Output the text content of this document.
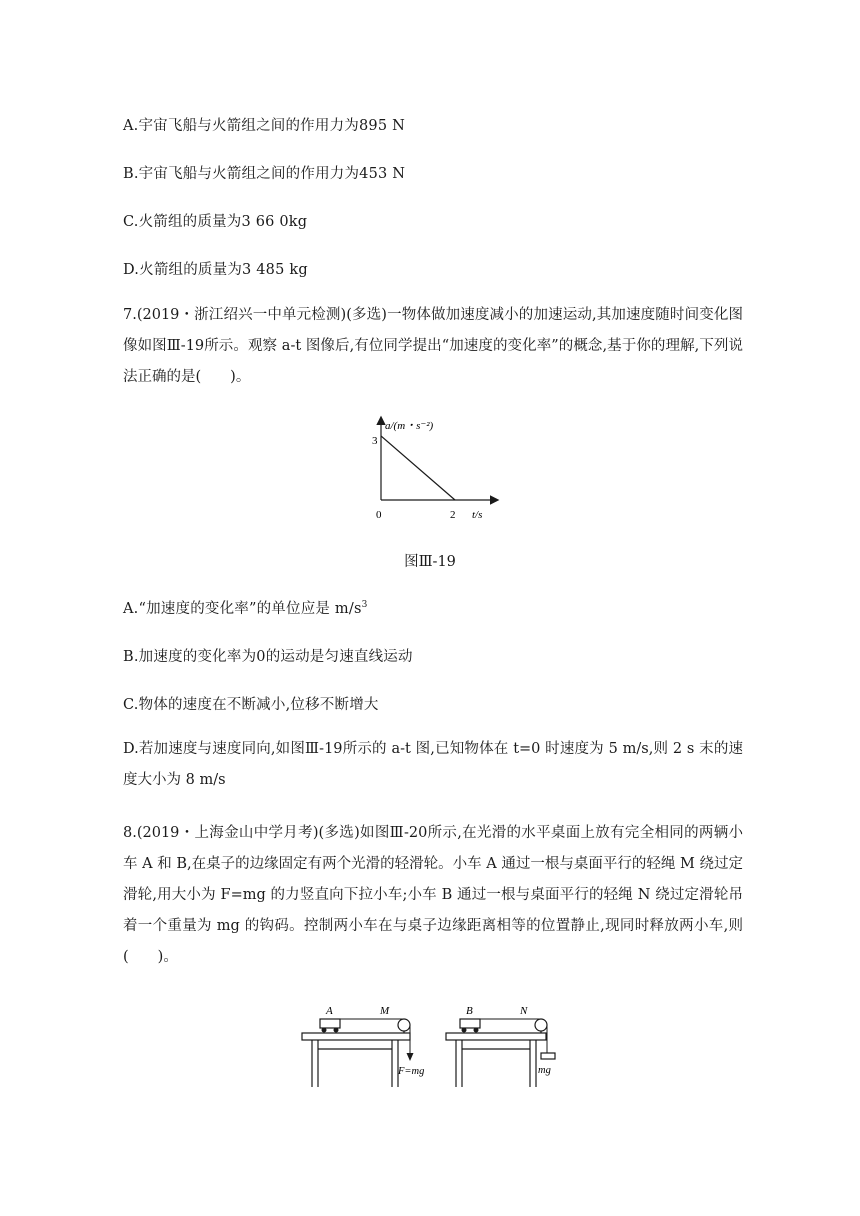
A.宇宙飞船与火箭组之间的作用力为895 N
B.宇宙飞船与火箭组之间的作用力为453 N
C.火箭组的质量为3 66 0kg
D.火箭组的质量为3 485 kg
7.(2019・浙江绍兴一中单元检测)(多选)一物体做加速度减小的加速运动,其加速度随时间变化图像如图Ⅲ-19所示。观察 a-t 图像后,有位同学提出“加速度的变化率”的概念,基于你的理解,下列说法正确的是(　　)。
a/(m・s⁻²)
3
0	2 t/s
图Ⅲ-19
A.“加速度的变化率”的单位应是 $m/s^3$
B.加速度的变化率为0的运动是匀速直线运动
C.物体的速度在不断减小,位移不断增大
D.若加速度与速度同向,如图Ⅲ-19所示的 a-t 图,已知物体在 t=0 时速度为 5 m/s,则 2 s 末的速度大小为 8 m/s
8.(2019・上海金山中学月考)(多选)如图Ⅲ-20所示,在光滑的水平桌面上放有完全相同的两辆小车 A 和 B,在桌子的边缘固定有两个光滑的轻滑轮。小车 A 通过一根与桌面平行的轻绳 M 绕过定滑轮,用大小为 F=mg 的力竖直向下拉小车;小车 B 通过一根与桌面平行的轻绳 N 绕过定滑轮吊着一个重量为 mg 的钩码。控制两小车在与桌子边缘距离相等的位置静止,现同时释放两小车,则(　　)。
A	M
F=mg
B	N
mg
